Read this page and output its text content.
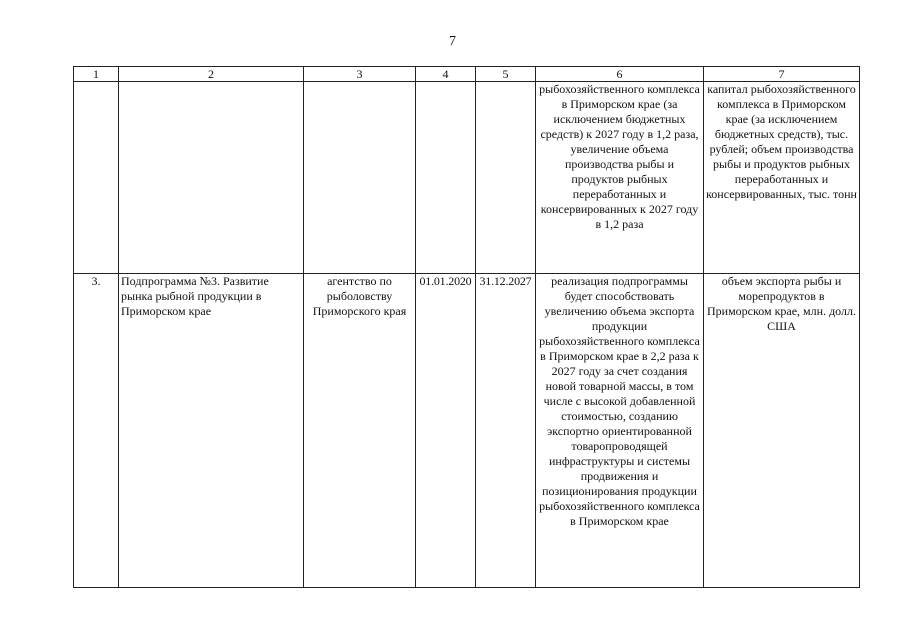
7
1	2	3	4	5	6	7
					рыбохозяйственного комплекса в Приморском крае (за исключением бюджетных средств) к 2027 году в 1,2 раза, увеличение объема производства рыбы и продуктов рыбных переработанных и консервированных к 2027 году в 1,2 раза	капитал рыбохозяйственного комплекса в Приморском крае (за исключением бюджетных средств), тыс. рублей; объем производства рыбы и продуктов рыбных переработанных и консервированных, тыс. тонн
3.	Подпрограмма №3. Развитие рынка рыбной продукции в Приморском крае	агентство по рыболовству Приморского края	01.01.2020	31.12.2027	реализация подпрограммы будет способствовать увеличению объема экспорта продукции рыбохозяйственного комплекса в Приморском крае в 2,2 раза к 2027 году за счет создания новой товарной массы, в том числе с высокой добавленной стоимостью, созданию экспортно ориентированной товаропроводящей инфраструктуры и системы продвижения и позиционирования продукции рыбохозяйственного комплекса в Приморском крае	объем экспорта рыбы и морепродуктов в Приморском крае, млн. долл. США
